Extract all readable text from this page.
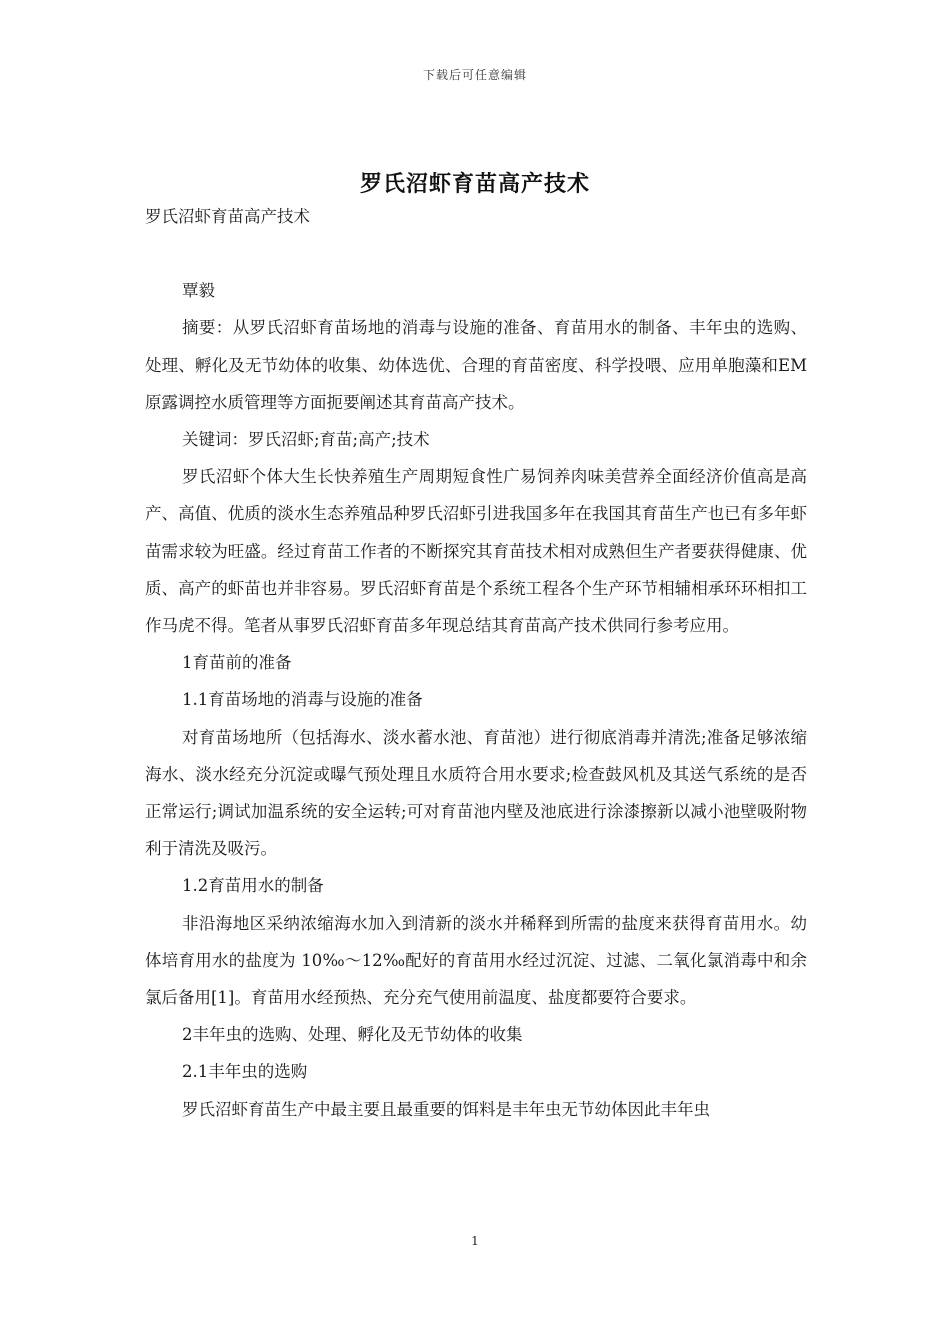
下载后可任意编辑
罗氏沼虾育苗高产技术

罗氏沼虾育苗高产技术

覃毅

摘要：从罗氏沼虾育苗场地的消毒与设施的准备、育苗用水的制备、丰年虫的选购、处理、孵化及无节幼体的收集、幼体选优、合理的育苗密度、科学投喂、应用单胞藻和EM原露调控水质管理等方面扼要阐述其育苗高产技术。

关键词：罗氏沼虾;育苗;高产;技术

罗氏沼虾个体大生长快养殖生产周期短食性广易饲养肉味美营养全面经济价值高是高产、高值、优质的淡水生态养殖品种罗氏沼虾引进我国多年在我国其育苗生产也已有多年虾苗需求较为旺盛。经过育苗工作者的不断探究其育苗技术相对成熟但生产者要获得健康、优质、高产的虾苗也并非容易。罗氏沼虾育苗是个系统工程各个生产环节相辅相承环环相扣工作马虎不得。笔者从事罗氏沼虾育苗多年现总结其育苗高产技术供同行参考应用。

1育苗前的准备

1.1育苗场地的消毒与设施的准备

对育苗场地所（包括海水、淡水蓄水池、育苗池）进行彻底消毒并清洗;准备足够浓缩海水、淡水经充分沉淀或曝气预处理且水质符合用水要求;检查鼓风机及其送气系统的是否正常运行;调试加温系统的安全运转;可对育苗池内壁及池底进行涂漆擦新以减小池壁吸附物利于清洗及吸污。

1.2育苗用水的制备

非沿海地区采纳浓缩海水加入到清新的淡水并稀释到所需的盐度来获得育苗用水。幼体培育用水的盐度为 10‰～12‰配好的育苗用水经过沉淀、过滤、二氧化氯消毒中和余氯后备用[1]。育苗用水经预热、充分充气使用前温度、盐度都要符合要求。

2丰年虫的选购、处理、孵化及无节幼体的收集

2.1丰年虫的选购

罗氏沼虾育苗生产中最主要且最重要的饵料是丰年虫无节幼体因此丰年虫

1
